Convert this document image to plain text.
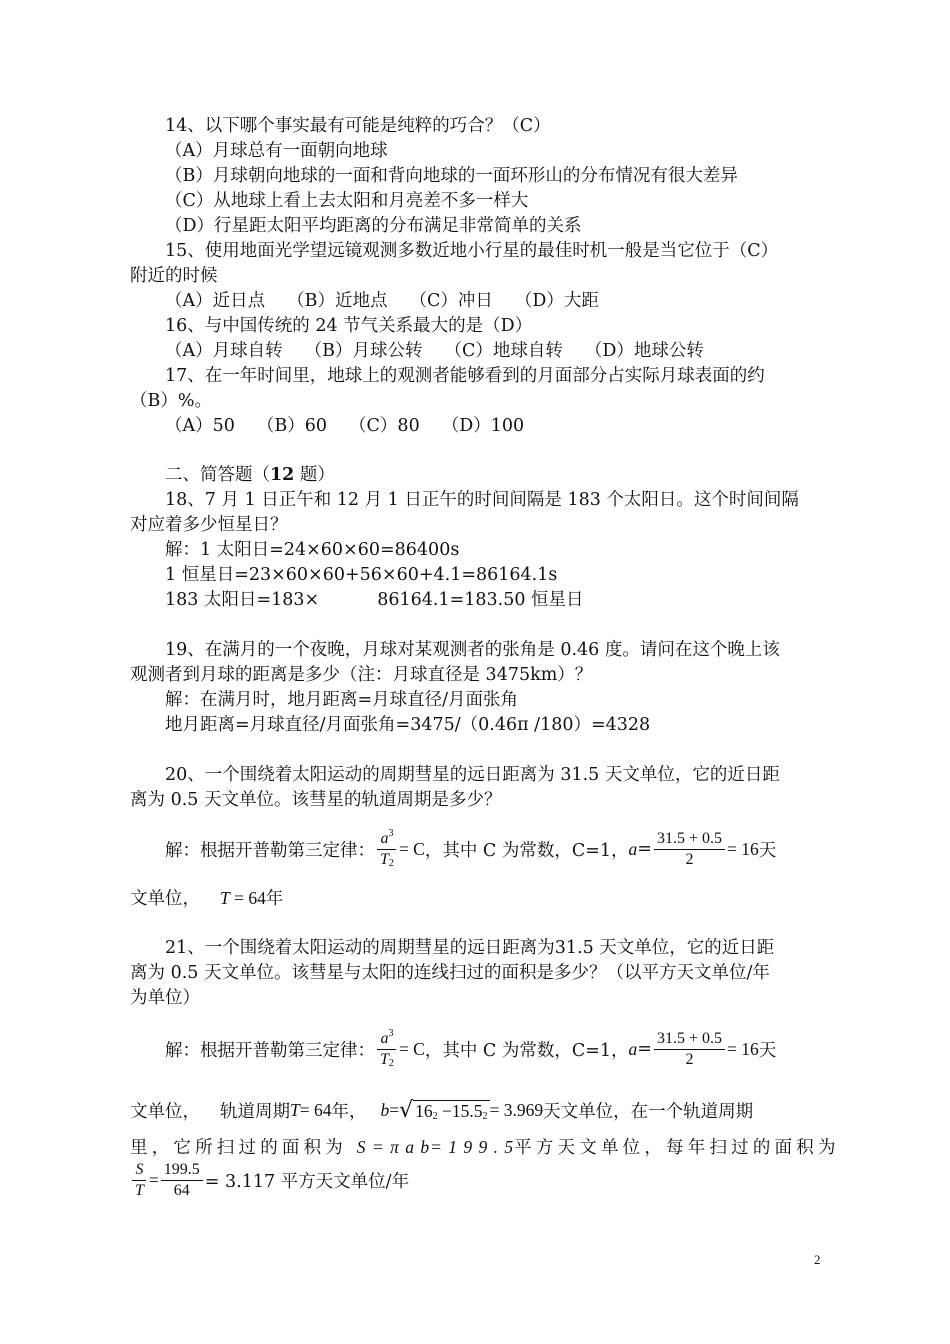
14、以下哪个事实最有可能是纯粹的巧合？（C）
（A）月球总有一面朝向地球
（B）月球朝向地球的一面和背向地球的一面环形山的分布情况有很大差异
（C）从地球上看上去太阳和月亮差不多一样大
（D）行星距太阳平均距离的分布满足非常简单的关系
15、使用地面光学望远镜观测多数近地小行星的最佳时机一般是当它位于（C）
附近的时候
（A）近日点 （B）近地点 （C）冲日 （D）大距
16、与中国传统的 24 节气关系最大的是（D）
（A）月球自转 （B）月球公转 （C）地球自转 （D）地球公转
17、在一年时间里，地球上的观测者能够看到的月面部分占实际月球表面的约
（B）%。
（A）50 （B）60 （C）80 （D）100
二、简答题（12 题）
18、7 月 1 日正午和 12 月 1 日正午的时间间隔是 183 个太阳日。这个时间间隔
对应着多少恒星日？
解：1 太阳日=24×60×60=86400s
1 恒星日=23×60×60+56×60+4.1=86164.1s
183 太阳日=183×	86164.1=183.50 恒星日
19、在满月的一个夜晚，月球对某观测者的张角是 0.46 度。请问在这个晚上该
观测者到月球的距离是多少（注：月球直径是 3475km）？
解：在满月时，地月距离=月球直径/月面张角
地月距离=月球直径/月面张角=3475/（0.46π /180）=4328
20、一个围绕着太阳运动的周期彗星的远日距离为 31.5 天文单位，它的近日距
离为 0.5 天文单位。该彗星的轨道周期是多少？
解：根据开普勒第三定律： $\frac{a^3}{T_2} = C$ ，其中 C 为常数，C=1， $a = \frac{31.5 + 0.5}{2} = 16$ 天
文单位， T = 64年
21、一个围绕着太阳运动的周期彗星的远日距离为31.5 天文单位，它的近日距
离为 0.5 天文单位。该彗星与太阳的连线扫过的面积是多少？（以平方天文单位/年
为单位）
解：根据开普勒第三定律： $\frac{a^3}{T_2} = C$ ，其中 C 为常数，C=1， $a = \frac{31.5 + 0.5}{2} = 16$ 天
文单位， 轨道周期 T = 64 年， b = √ $16_2 -15.5_2 = 3.969$ 天文单位，在一个轨道周期
里，它所扫过的面积为 S = π a b= 1 9 9 . 5平方天文单位，每年扫过的面积为
$\frac{S}{T} = \frac{199.5}{64} = 3.117$ 平方天文单位/年
2
